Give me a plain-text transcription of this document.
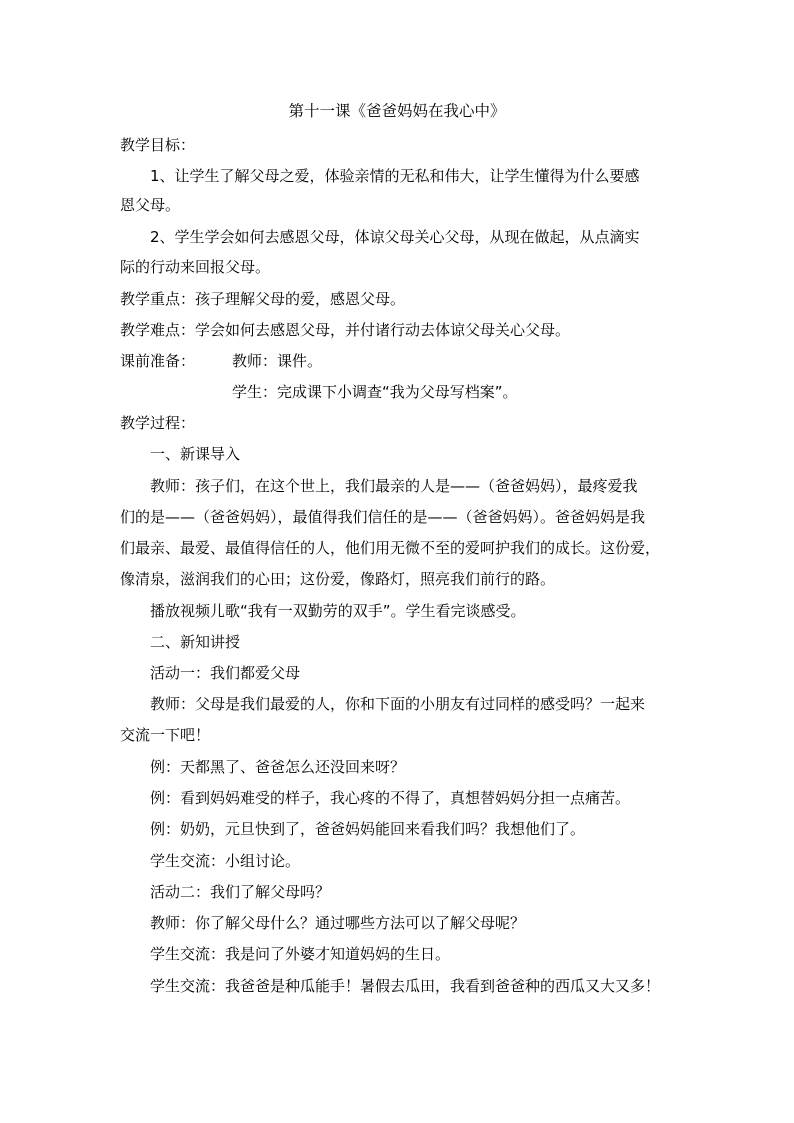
第十一课《爸爸妈妈在我心中》
教学目标：
1、让学生了解父母之爱，体验亲情的无私和伟大，让学生懂得为什么要感
恩父母。
2、学生学会如何去感恩父母，体谅父母关心父母，从现在做起，从点滴实
际的行动来回报父母。
教学重点：孩子理解父母的爱，感恩父母。
教学难点：学会如何去感恩父母，并付诸行动去体谅父母关心父母。
课前准备： 教师：课件。
学生：完成课下小调查“我为父母写档案”。
教学过程：
一、新课导入
教师：孩子们，在这个世上，我们最亲的人是——（爸爸妈妈），最疼爱我
们的是——（爸爸妈妈），最值得我们信任的是——（爸爸妈妈）。爸爸妈妈是我
们最亲、最爱、最值得信任的人，他们用无微不至的爱呵护我们的成长。这份爱，
像清泉，滋润我们的心田；这份爱，像路灯，照亮我们前行的路。
播放视频儿歌“我有一双勤劳的双手”。学生看完谈感受。
二、新知讲授
活动一：我们都爱父母
教师：父母是我们最爱的人，你和下面的小朋友有过同样的感受吗？一起来
交流一下吧！
例：天都黑了、爸爸怎么还没回来呀？
例：看到妈妈难受的样子，我心疼的不得了，真想替妈妈分担一点痛苦。
例：奶奶，元旦快到了，爸爸妈妈能回来看我们吗？我想他们了。
学生交流：小组讨论。
活动二：我们了解父母吗？
教师：你了解父母什么？通过哪些方法可以了解父母呢？
学生交流：我是问了外婆才知道妈妈的生日。
学生交流：我爸爸是种瓜能手！暑假去瓜田，我看到爸爸种的西瓜又大又多！
